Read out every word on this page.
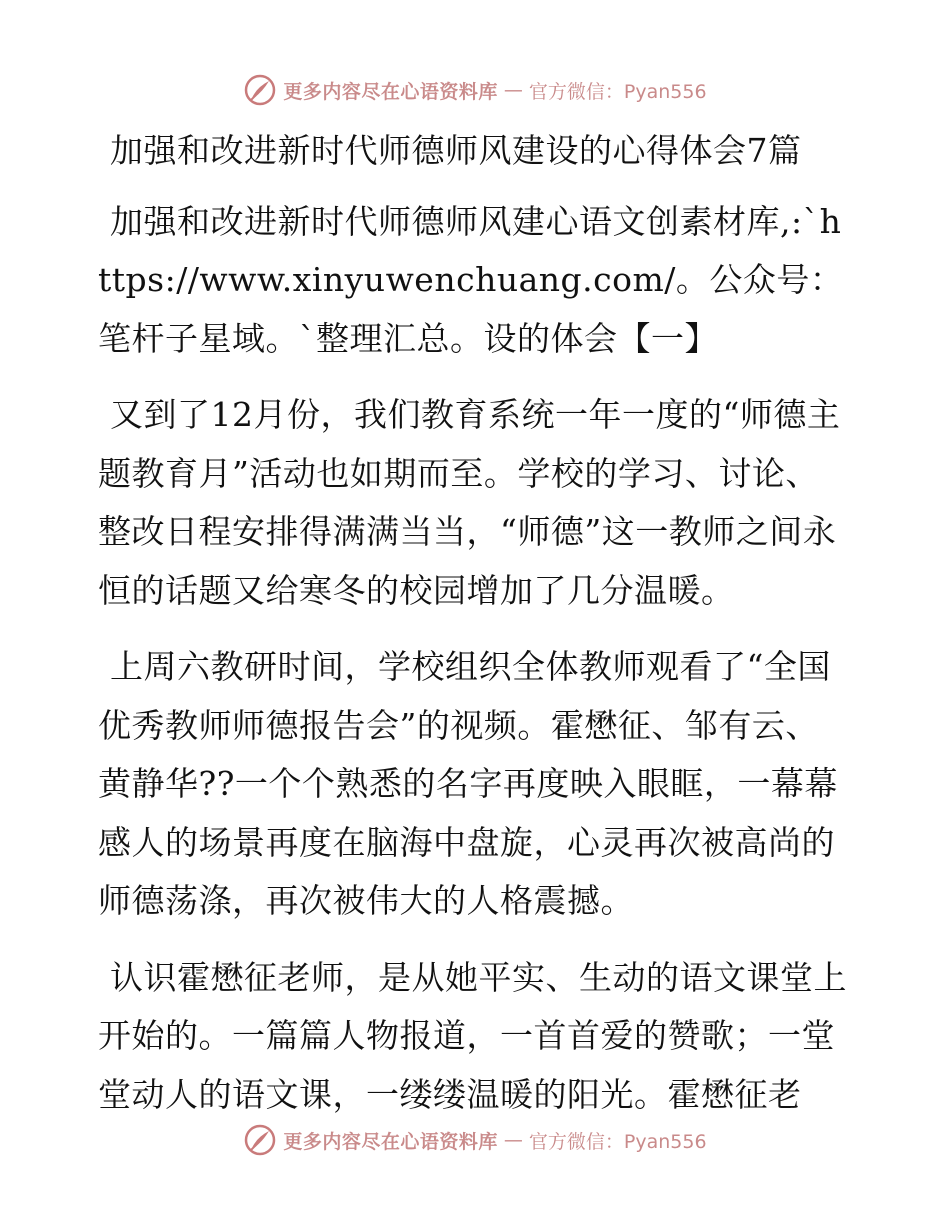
更多内容尽在心语资料库 — 官方微信：Pyan556

加强和改进新时代师德师风建设的心得体会7篇

加强和改进新时代师德师风建心语文创素材库,:`https://www.xinyuwenchuang.com/。公众号：笔杆子星域。`整理汇总。设的体会【一】

又到了12月份，我们教育系统一年一度的“师德主题教育月”活动也如期而至。学校的学习、讨论、整改日程安排得满满当当，“师德”这一教师之间永恒的话题又给寒冬的校园增加了几分温暖。

上周六教研时间，学校组织全体教师观看了“全国优秀教师师德报告会”的视频。霍懋征、邹有云、黄静华??一个个熟悉的名字再度映入眼眶，一幕幕感人的场景再度在脑海中盘旋，心灵再次被高尚的师德荡涤，再次被伟大的人格震撼。

认识霍懋征老师，是从她平实、生动的语文课堂上开始的。一篇篇人物报道，一首首爱的赞歌；一堂堂动人的语文课，一缕缕温暖的阳光。霍懋征老

更多内容尽在心语资料库 — 官方微信：Pyan556
